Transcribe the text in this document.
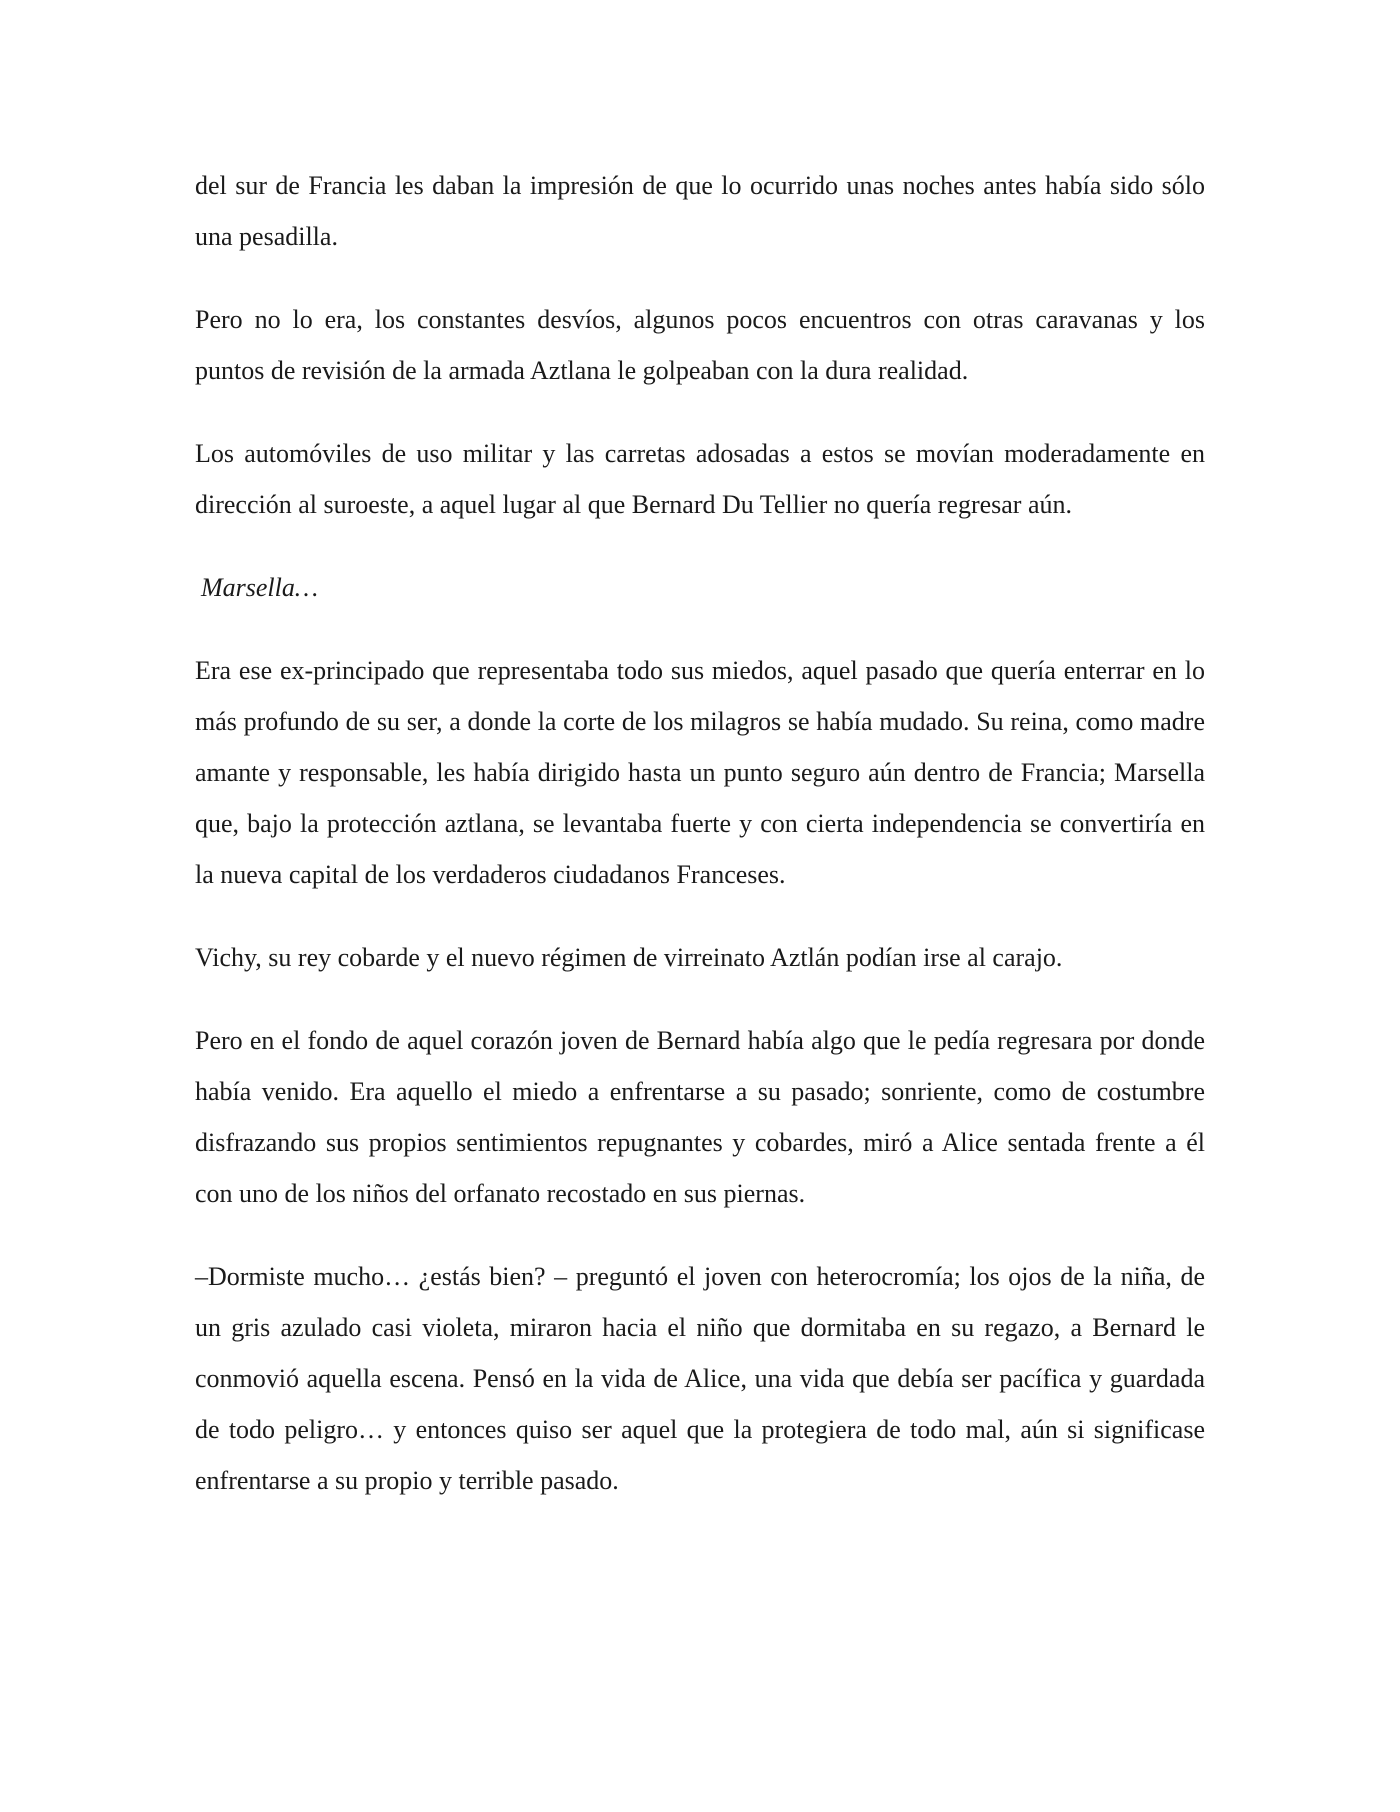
del sur de Francia les daban la impresión de que lo ocurrido unas noches antes había sido sólo una pesadilla.

Pero no lo era, los constantes desvíos, algunos pocos encuentros con otras caravanas y los puntos de revisión de la armada Aztlana le golpeaban con la dura realidad.

Los automóviles de uso militar y las carretas adosadas a estos se movían moderadamente en dirección al suroeste, a aquel lugar al que Bernard Du Tellier no quería regresar aún.

Marsella…

Era ese ex-principado que representaba todo sus miedos, aquel pasado que quería enterrar en lo más profundo de su ser, a donde la corte de los milagros se había mudado. Su reina, como madre amante y responsable, les había dirigido hasta un punto seguro aún dentro de Francia; Marsella que, bajo la protección aztlana, se levantaba fuerte y con cierta independencia se convertiría en la nueva capital de los verdaderos ciudadanos Franceses.

Vichy, su rey cobarde y el nuevo régimen de virreinato Aztlán podían irse al carajo.

Pero en el fondo de aquel corazón joven de Bernard había algo que le pedía regresara por donde había venido. Era aquello el miedo a enfrentarse a su pasado; sonriente, como de costumbre disfrazando sus propios sentimientos repugnantes y cobardes, miró a Alice sentada frente a él con uno de los niños del orfanato recostado en sus piernas.

–Dormiste mucho… ¿estás bien? – preguntó el joven con heterocromía; los ojos de la niña, de un gris azulado casi violeta, miraron hacia el niño que dormitaba en su regazo, a Bernard le conmovió aquella escena. Pensó en la vida de Alice, una vida que debía ser pacífica y guardada de todo peligro… y entonces quiso ser aquel que la protegiera de todo mal, aún si significase enfrentarse a su propio y terrible pasado.
